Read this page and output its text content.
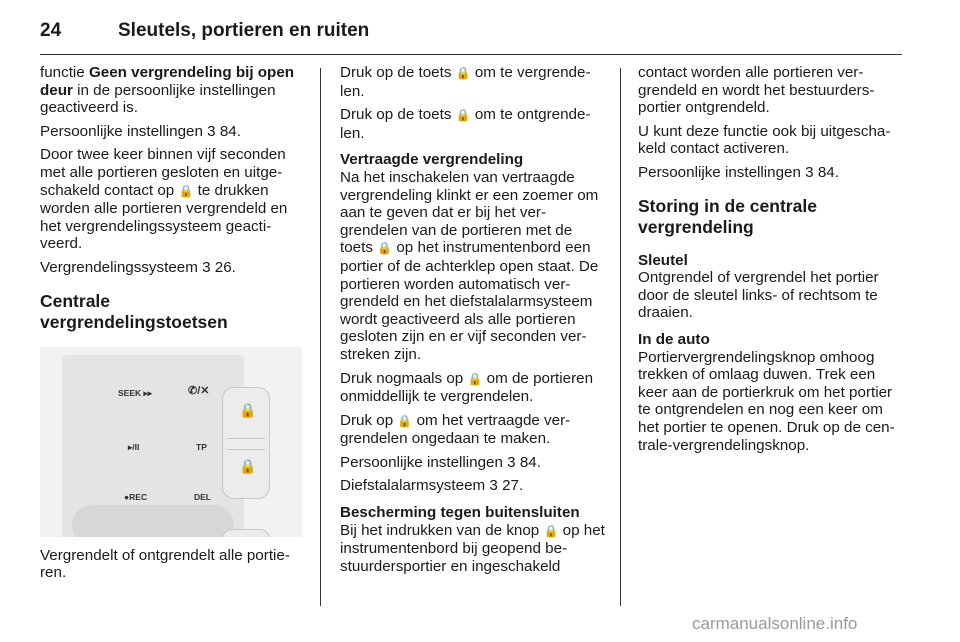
24	Sleutels, portieren en ruiten

functie Geen vergrendeling bij open deur in de persoonlijke instellingen geactiveerd is.

Persoonlijke instellingen 3 84.

Door twee keer binnen vijf seconden met alle portieren gesloten en uitgeschakeld contact op 🔒 te drukken worden alle portieren vergrendeld en het vergrendelingssysteem geactiveerd.

Vergrendelingssysteem 3 26.

Centrale vergrendelingstoetsen
SEEK ▸▸	✆/✕
▸/II	TP
●REC	DEL
🔒
🔒

Vergrendelt of ontgrendelt alle portieren.

Druk op de toets 🔒 om te vergrendelen.

Druk op de toets 🔒 om te ontgrendelen.

Vertraagde vergrendeling

Na het inschakelen van vertraagde vergrendeling klinkt er een zoemer om aan te geven dat er bij het vergrendelen van de portieren met de toets 🔒 op het instrumentenbord een portier of de achterklep open staat. De portieren worden automatisch vergrendeld en het diefstalalarmsysteem wordt geactiveerd als alle portieren gesloten zijn en er vijf seconden verstreken zijn.

Druk nogmaals op 🔒 om de portieren onmiddellijk te vergrendelen.

Druk op 🔒 om het vertraagde vergrendelen ongedaan te maken.

Persoonlijke instellingen 3 84.

Diefstalalarmsysteem 3 27.

Bescherming tegen buitensluiten

Bij het indrukken van de knop 🔒 op het instrumentenbord bij geopend bestuurdersportier en ingeschakeld

contact worden alle portieren vergrendeld en wordt het bestuurdersportier ontgrendeld.

U kunt deze functie ook bij uitgeschakeld contact activeren.

Persoonlijke instellingen 3 84.

Storing in de centrale vergrendeling

Sleutel

Ontgrendel of vergrendel het portier door de sleutel links- of rechtsom te draaien.

In de auto

Portiervergrendelingsknop omhoog trekken of omlaag duwen. Trek een keer aan de portierkruk om het portier te ontgrendelen en nog een keer om het portier te openen. Druk op de centrale-vergrendelingsknop.

carmanualsonline.info
